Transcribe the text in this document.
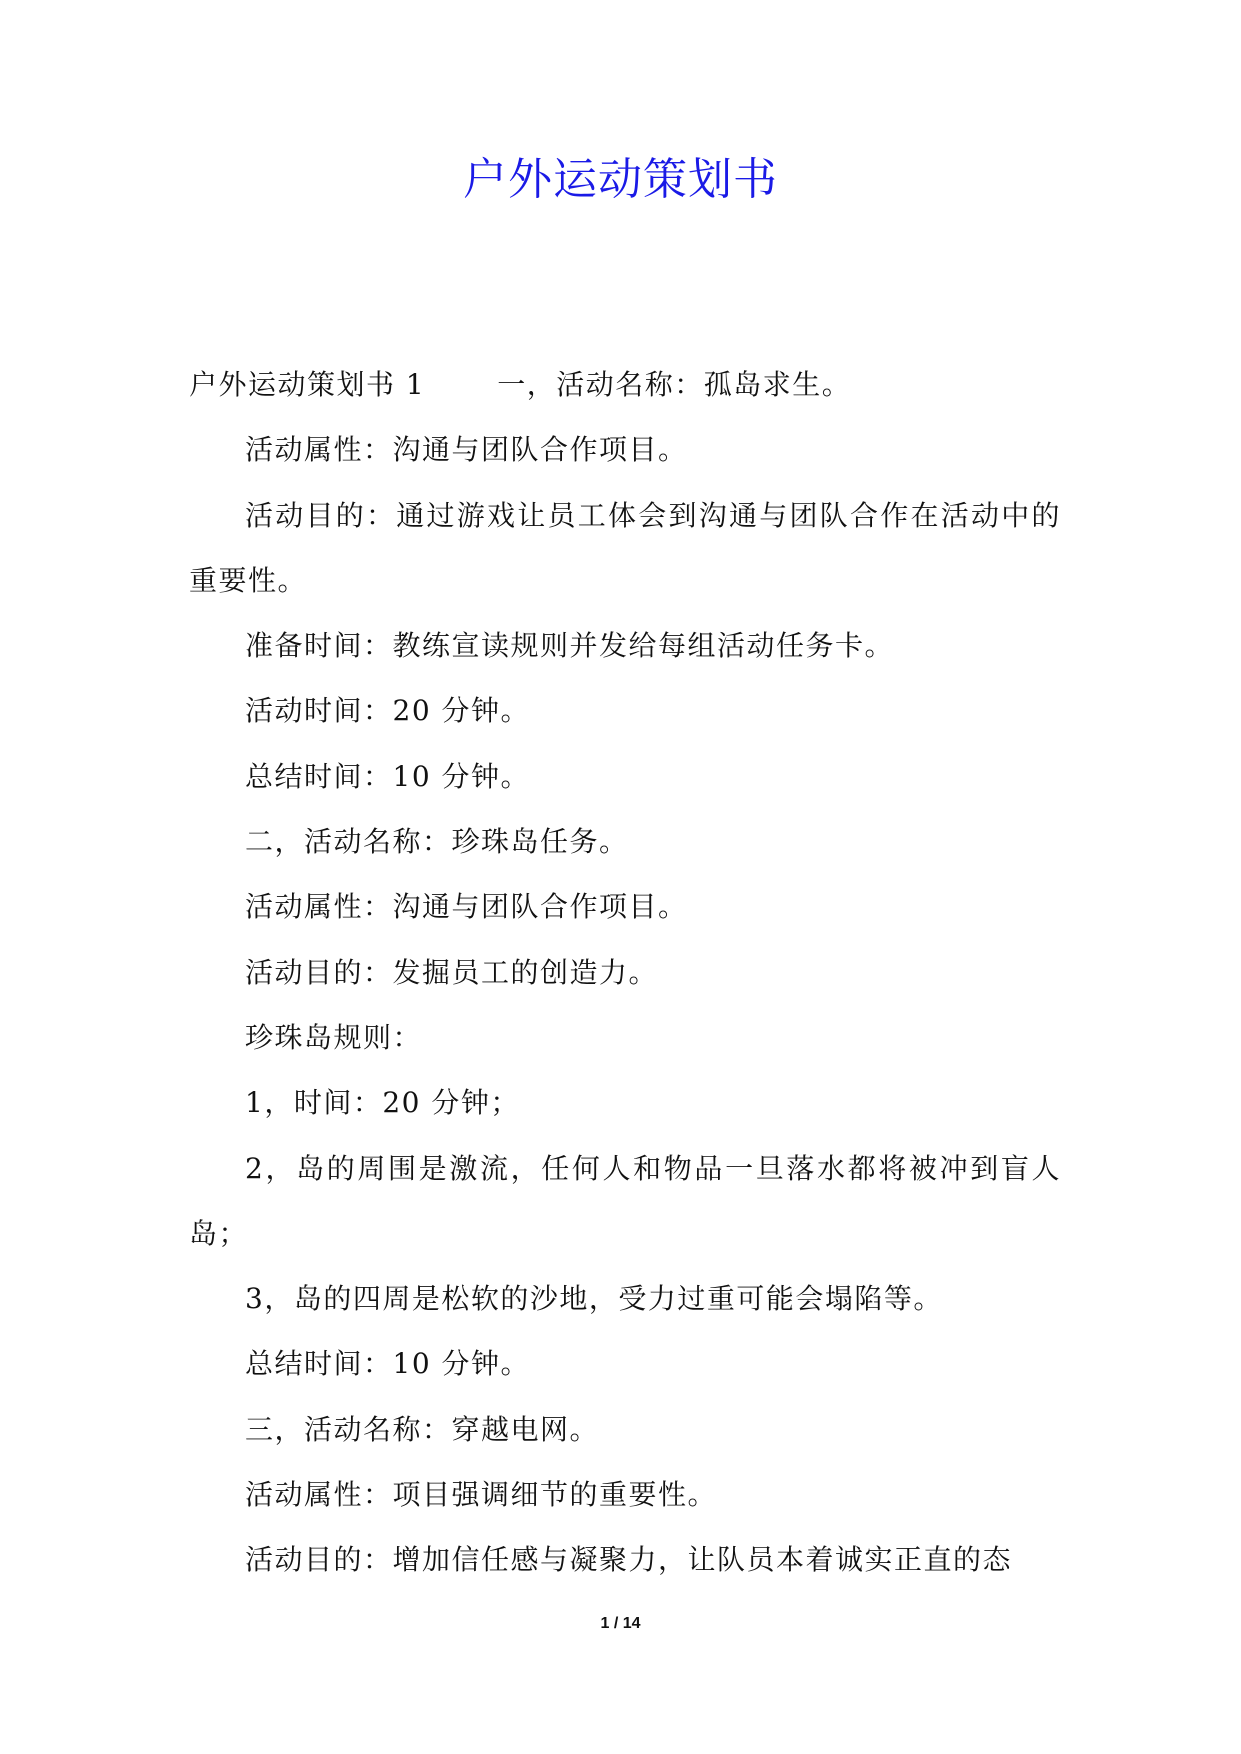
户外运动策划书

户外运动策划书 1	一，活动名称：孤岛求生。

活动属性：沟通与团队合作项目。

活动目的：通过游戏让员工体会到沟通与团队合作在活动中的重要性。

准备时间：教练宣读规则并发给每组活动任务卡。

活动时间：20 分钟。

总结时间：10 分钟。

二，活动名称：珍珠岛任务。

活动属性：沟通与团队合作项目。

活动目的：发掘员工的创造力。

珍珠岛规则：

1，时间：20 分钟；

2，岛的周围是激流，任何人和物品一旦落水都将被冲到盲人岛；

3，岛的四周是松软的沙地，受力过重可能会塌陷等。

总结时间：10 分钟。

三，活动名称：穿越电网。

活动属性：项目强调细节的重要性。

活动目的：增加信任感与凝聚力，让队员本着诚实正直的态

1 / 14
